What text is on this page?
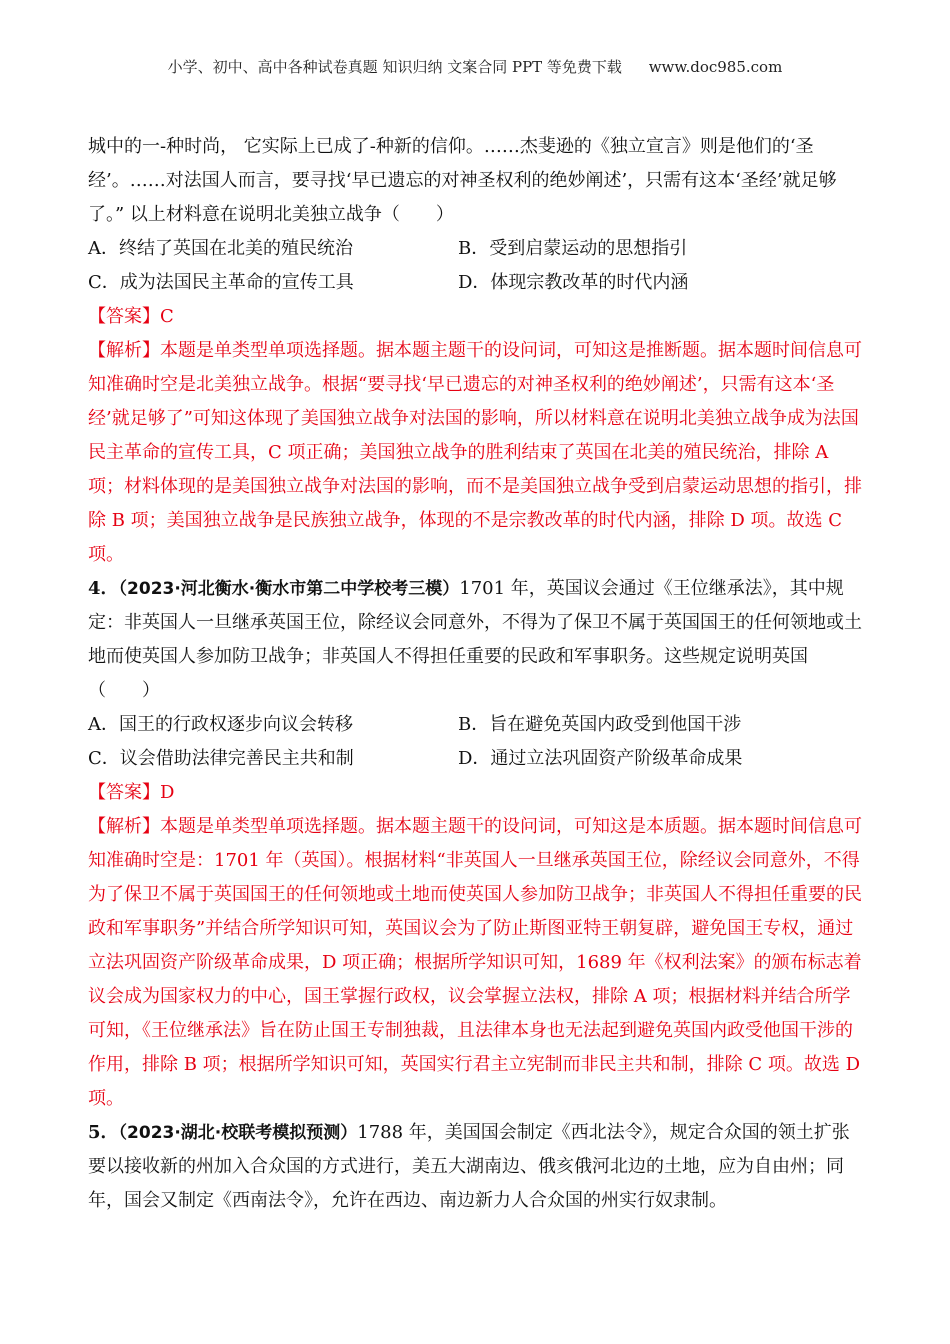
小学、初中、高中各种试卷真题 知识归纳 文案合同 PPT 等免费下载 www.doc985.com

城中的一-种时尚， 它实际上已成了-种新的信仰。……杰斐逊的《独立宣言》则是他们的‘圣经’。……对法国人而言，要寻找‘早已遗忘的对神圣权利的绝妙阐述’，只需有这本‘圣经’就足够了。” 以上材料意在说明北美独立战争（　　）

A．终结了英国在北美的殖民统治	B．受到启蒙运动的思想指引
C．成为法国民主革命的宣传工具	D．体现宗教改革的时代内涵

【答案】C

【解析】本题是单类型单项选择题。据本题主题干的设问词，可知这是推断题。据本题时间信息可知准确时空是北美独立战争。根据“要寻找‘早已遗忘的对神圣权利的绝妙阐述’，只需有这本‘圣经’就足够了”可知这体现了美国独立战争对法国的影响，所以材料意在说明北美独立战争成为法国民主革命的宣传工具，C 项正确；美国独立战争的胜利结束了英国在北美的殖民统治，排除 A 项；材料体现的是美国独立战争对法国的影响，而不是美国独立战争受到启蒙运动思想的指引，排除 B 项；美国独立战争是民族独立战争，体现的不是宗教改革的时代内涵，排除 D 项。故选 C 项。

4．（2023·河北衡水·衡水市第二中学校考三模）1701 年，英国议会通过《王位继承法》，其中规定：非英国人一旦继承英国王位，除经议会同意外，不得为了保卫不属于英国国王的任何领地或土地而使英国人参加防卫战争；非英国人不得担任重要的民政和军事职务。这些规定说明英国（　　）

A．国王的行政权逐步向议会转移	B．旨在避免英国内政受到他国干涉
C．议会借助法律完善民主共和制	D．通过立法巩固资产阶级革命成果

【答案】D

【解析】本题是单类型单项选择题。据本题主题干的设问词，可知这是本质题。据本题时间信息可知准确时空是：1701 年（英国）。根据材料“非英国人一旦继承英国王位，除经议会同意外，不得为了保卫不属于英国国王的任何领地或土地而使英国人参加防卫战争；非英国人不得担任重要的民政和军事职务”并结合所学知识可知，英国议会为了防止斯图亚特王朝复辟，避免国王专权，通过立法巩固资产阶级革命成果，D 项正确；根据所学知识可知，1689 年《权利法案》的颁布标志着议会成为国家权力的中心，国王掌握行政权，议会掌握立法权，排除 A 项；根据材料并结合所学可知，《王位继承法》旨在防止国王专制独裁，且法律本身也无法起到避免英国内政受他国干涉的作用，排除 B 项；根据所学知识可知，英国实行君主立宪制而非民主共和制，排除 C 项。故选 D 项。

5．（2023·湖北·校联考模拟预测）1788 年，美国国会制定《西北法令》，规定合众国的领土扩张要以接收新的州加入合众国的方式进行，美五大湖南边、俄亥俄河北边的土地，应为自由州；同年，国会又制定《西南法令》，允许在西边、南边新力人合众国的州实行奴隶制。
